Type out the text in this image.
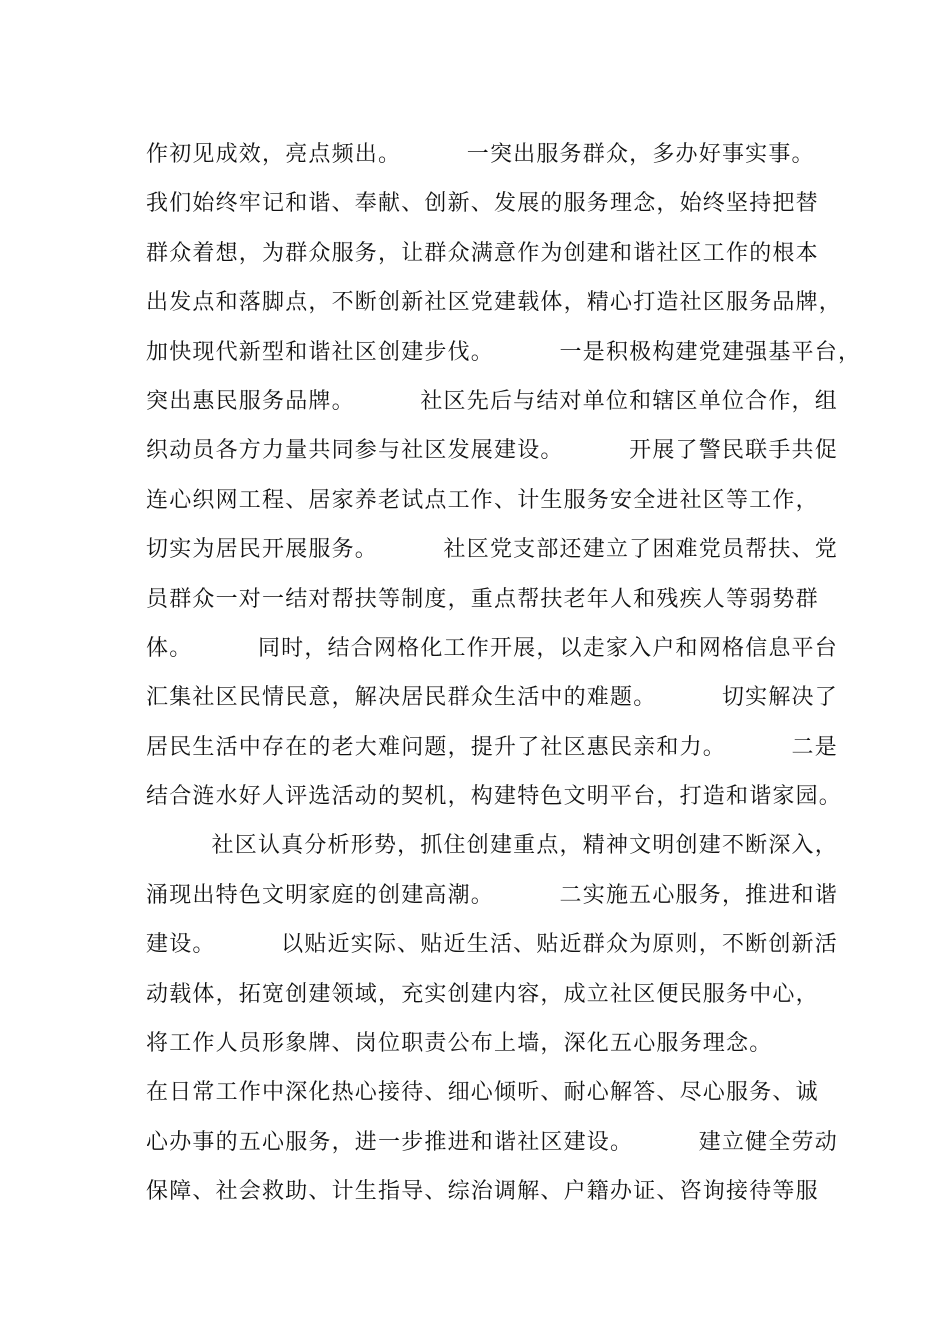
作初见成效，亮点频出。        一突出服务群众，多办好事实事。
我们始终牢记和谐、奉献、创新、发展的服务理念，始终坚持把替
群众着想，为群众服务，让群众满意作为创建和谐社区工作的根本
出发点和落脚点，不断创新社区党建载体，精心打造社区服务品牌，
加快现代新型和谐社区创建步伐。        一是积极构建党建强基平台，
突出惠民服务品牌。        社区先后与结对单位和辖区单位合作，组
织动员各方力量共同参与社区发展建设。        开展了警民联手共促
连心织网工程、居家养老试点工作、计生服务安全进社区等工作，
切实为居民开展服务。        社区党支部还建立了困难党员帮扶、党
员群众一对一结对帮扶等制度，重点帮扶老年人和残疾人等弱势群
体。        同时，结合网格化工作开展，以走家入户和网格信息平台
汇集社区民情民意，解决居民群众生活中的难题。        切实解决了
居民生活中存在的老大难问题，提升了社区惠民亲和力。        二是
结合涟水好人评选活动的契机，构建特色文明平台，打造和谐家园。
社区认真分析形势，抓住创建重点，精神文明创建不断深入，
涌现出特色文明家庭的创建高潮。        二实施五心服务，推进和谐
建设。        以贴近实际、贴近生活、贴近群众为原则，不断创新活
动载体，拓宽创建领域，充实创建内容，成立社区便民服务中心，
将工作人员形象牌、岗位职责公布上墙，深化五心服务理念。
在日常工作中深化热心接待、细心倾听、耐心解答、尽心服务、诚
心办事的五心服务，进一步推进和谐社区建设。        建立健全劳动
保障、社会救助、计生指导、综治调解、户籍办证、咨询接待等服
